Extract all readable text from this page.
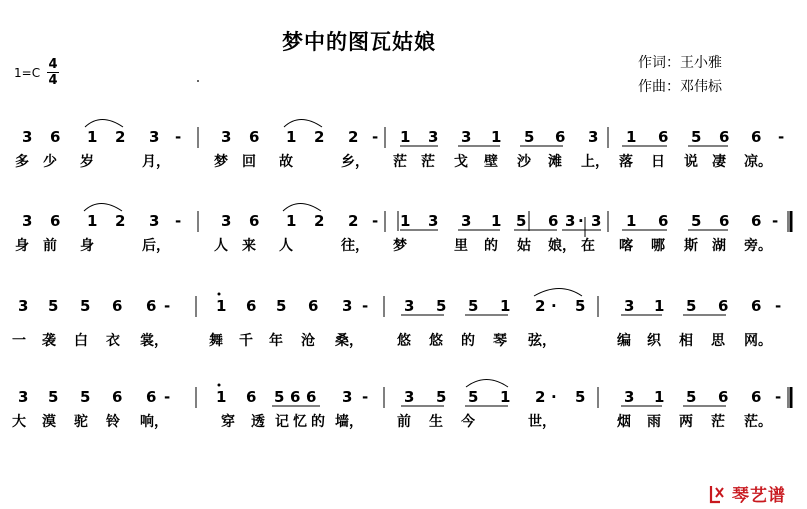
梦中的图瓦姑娘
作词：王小雅
作曲：邓伟标
1=C
4
4
3 6 1 2 3 -	3 6 1 2 2 - 1 3 3 1 5 6 3 1 6 5 6 6 -
多 少 岁	月，	梦 回 故	乡， 茫 茫 戈 壁 沙 滩 上， 落 日 说 凄 凉。
3 6 1 2 3 -	3 6 1 2 2 - 1 3 3 1 5 6 3 · 3 1 6 5 6 6 -
身 前 身	后，	人 来 人	往， 梦	里 的 姑 娘， 在 喀 哪 斯 湖 旁。
3 5 5 6 6 -	1 6 5 6 3 - 3 5 5 1 2 · 5	3 1 5 6 6 -
一 袭 白 衣 裳，	舞 千 年 沧 桑， 悠 悠 的 琴 弦，	编 织 相 思 网。
3 5 5 6 6 -	1 6 5 6 6 3 - 3 5 5 1 2 · 5	3 1 5 6 6 -
大 漠 驼 铃 响，	穿 透 记 忆 的 墙， 前 生 今	世，	烟 雨 两 茫 茫。
琴艺谱
